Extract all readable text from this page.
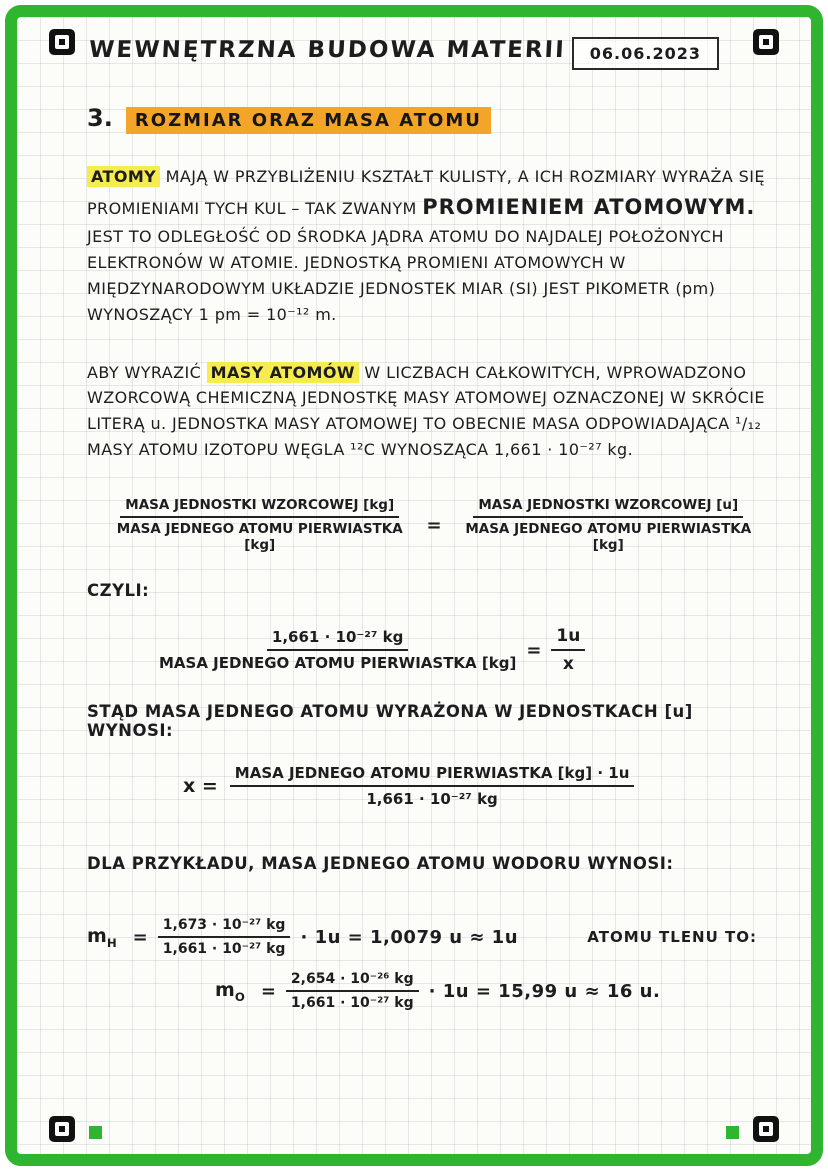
WEWNĘTRZNA BUDOWA MATERII	06.06.2023
3. ROZMIAR ORAZ MASA ATOMU
ATOMY MAJĄ W PRZYBLIŻENIU KSZTAŁT KULISTY, A ICH ROZMIARY WYRAŻA SIĘ PROMIENIAMI TYCH KUL – TAK ZWANYM PROMIENIEM ATOMOWYM. JEST TO ODLEGŁOŚĆ OD ŚRODKA JĄDRA ATOMU DO NAJDALEJ POŁOŻONYCH ELEKTRONÓW W ATOMIE. JEDNOSTKĄ PROMIENI ATOMOWYCH W MIĘDZYNARODOWYM UKŁADZIE JEDNOSTEK MIAR (SI) JEST PIKOMETR (pm) WYNOSZĄCY 1 pm = 10⁻¹² m.
ABY WYRAZIĆ MASY ATOMÓW W LICZBACH CAŁKOWITYCH, WPROWADZONO WZORCOWĄ CHEMICZNĄ JEDNOSTKĘ MASY ATOMOWEJ OZNACZONEJ W SKRÓCIE LITERĄ u. JEDNOSTKA MASY ATOMOWEJ TO OBECNIE MASA ODPOWIADAJĄCA ¹/₁₂ MASY ATOMU IZOTOPU WĘGLA ¹²C WYNOSZĄCA 1,661 · 10⁻²⁷ kg.
$\frac{\text{MASA JEDNOSTKI WZORCOWEJ [kg]}}{\text{MASA JEDNEGO ATOMU PIERWIASTKA [kg]}} = \frac{\text{MASA JEDNOSTKI WZORCOWEJ [u]}}{\text{MASA JEDNEGO ATOMU PIERWIASTKA [kg]}}$
CZYLI:
$\frac{\text{1,661 · 10⁻²⁷ kg}}{\text{MASA JEDNEGO ATOMU PIERWIASTKA [kg]}} = \frac{1u}{x}$
STĄD MASA JEDNEGO ATOMU WYRAŻONA W JEDNOSTKACH [u] WYNOSI:
$x = \frac{\text{MASA JEDNEGO ATOMU PIERWIASTKA [kg] · 1u}}{\text{1,661 · 10⁻²⁷ kg}}$
DLA PRZYKŁADU, MASA JEDNEGO ATOMU WODORU WYNOSI:
$m_H = \frac{\text{1,673 · 10⁻²⁷ kg}}{\text{1,661 · 10⁻²⁷ kg}} \cdot 1u = 1,0079$ u ≈ 1u	ATOMU TLENU TO:
$m_O = \frac{\text{2,654 · 10⁻²⁶ kg}}{\text{1,661 · 10⁻²⁷ kg}} \cdot 1u = 15,99$ u ≈ 16 u.
